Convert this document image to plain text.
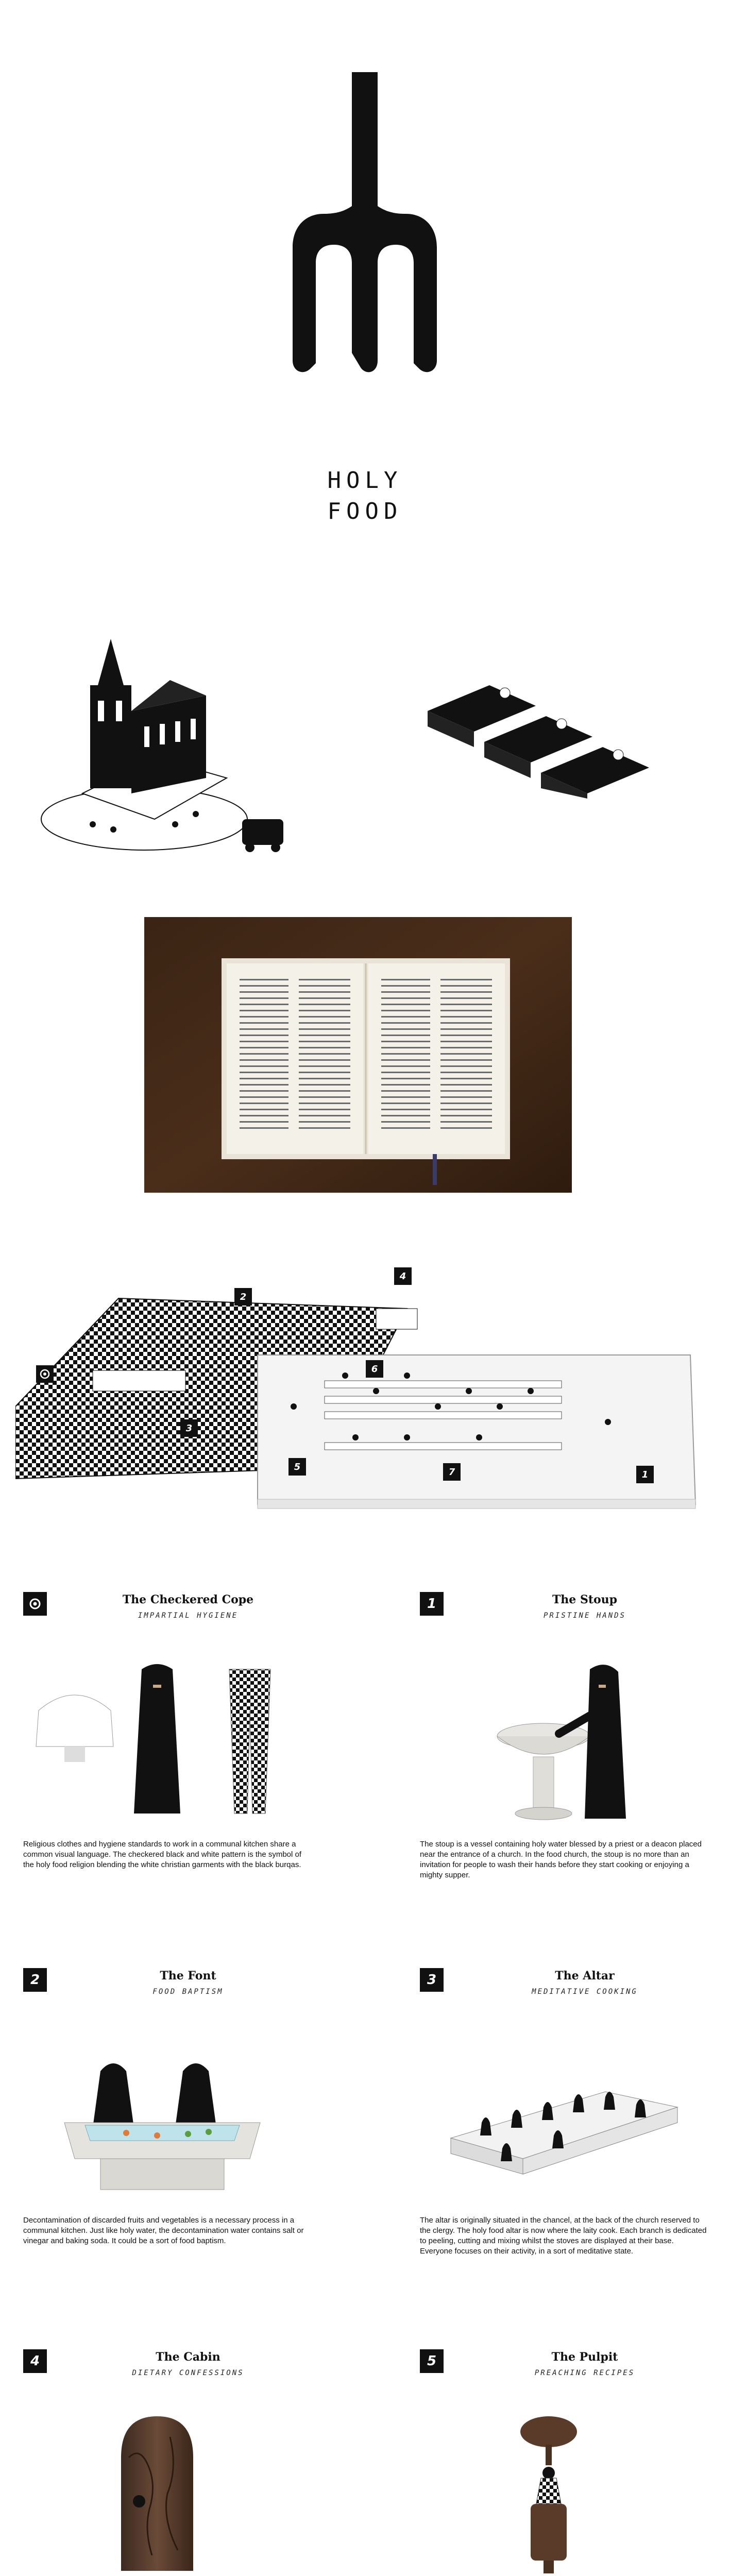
HOLY
FOOD
2
3
4
5
6
7	1
The Checkered Cope
IMPARTIAL HYGIENE
Religious clothes and hygiene standards to work in a communal kitchen share a common visual language. The checkered black and white pattern is the symbol of the holy food religion blending the white christian garments with the black burqas.
1	The Stoup
PRISTINE HANDS
The stoup is a vessel containing holy water blessed by a priest or a deacon placed near the entrance of a church. In the food church, the stoup is no more than an invitation for people to wash their hands before they start cooking or enjoying a mighty supper.
2	The Font
FOOD BAPTISM
Decontamination of discarded fruits and vegetables is a necessary process in a communal kitchen. Just like holy water, the decontamination water contains salt or vinegar and baking soda. It could be a sort of food baptism.
3	The Altar
MEDITATIVE COOKING
The altar is originally situated in the chancel, at the back of the church reserved to the clergy. The holy food altar is now where the laity cook. Each branch is dedicated to peeling, cutting and mixing whilst the stoves are displayed at their base. Everyone focuses on their activity, in a sort of meditative state.
4	The Cabin
DIETARY CONFESSIONS
5	The Pulpit
PREACHING RECIPES
